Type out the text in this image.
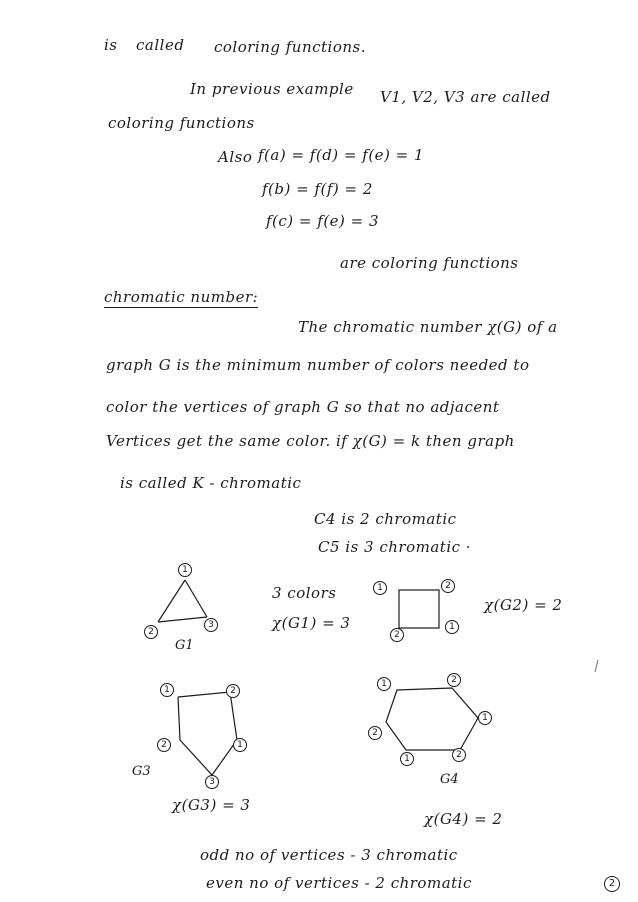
is called coloring functions.
In previous example V1, V2, V3 are called
coloring functions
Also f(a) = f(d) = f(e) = 1
f(b) = f(f) = 2
f(c) = f(e) = 3
are coloring functions
chromatic number:
The chromatic number χ(G) of a
graph G is the minimum number of colors needed to
color the vertices of graph G so that no adjacent
Vertices get the same color. if χ(G) = k then graph
is called K - chromatic
C4 is 2 chromatic
C5 is 3 chromatic ·
1
2
3
G1
3 colors
χ(G1) = 3
1	2
2
1
χ(G2) = 2
1	2
2	1
3
G3
χ(G3) = 3
1	2
1
2
1
2
G4
χ(G4) = 2
odd no of vertices - 3 chromatic
even no of vertices - 2 chromatic	2
